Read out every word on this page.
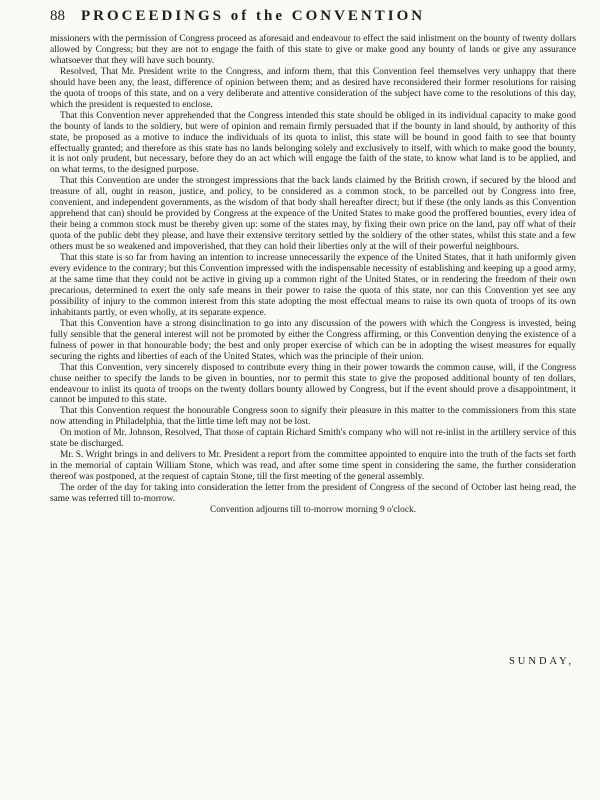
88 PROCEEDINGS of the CONVENTION

missioners with the permission of Congress proceed as aforesaid and endeavour to effect the said inlistment on the bounty of twenty dollars allowed by Congress; but they are not to engage the faith of this state to give or make good any bounty of lands or give any assurance whatsoever that they will have such bounty.

Resolved, That Mr. President write to the Congress, and inform them, that this Convention feel themselves very unhappy that there should have been any, the least, difference of opinion between them; and as desired have reconsidered their former resolutions for raising the quota of troops of this state, and on a very deliberate and attentive consideration of the subject have come to the resolutions of this day, which the president is requested to enclose.

That this Convention never apprehended that the Congress intended this state should be obliged in its individual capacity to make good the bounty of lands to the soldiery, but were of opinion and remain firmly persuaded that if the bounty in land should, by authority of this state, be proposed as a motive to induce the individuals of its quota to inlist, this state will be bound in good faith to see that bounty effectually granted; and therefore as this state has no lands belonging solely and exclusively to itself, with which to make good the bounty, it is not only prudent, but necessary, before they do an act which will engage the faith of the state, to know what land is to be applied, and on what terms, to the designed purpose.

That this Convention are under the strongest impressions that the back lands claimed by the British crown, if secured by the blood and treasure of all, ought in reason, justice, and policy, to be considered as a common stock, to be parcelled out by Congress into free, convenient, and independent governments, as the wisdom of that body shall hereafter direct; but if these (the only lands as this Convention apprehend that can) should be provided by Congress at the expence of the United States to make good the proffered bounties, every idea of their being a common stock must be thereby given up: some of the states may, by fixing their own price on the land, pay off what of their quota of the public debt they please, and have their extensive territory settled by the soldiery of the other states, whilst this state and a few others must be so weakened and impoverished, that they can hold their liberties only at the will of their powerful neighbours.

That this state is so far from having an intention to increase unnecessarily the expence of the United States, that it hath uniformly given every evidence to the contrary; but this Convention impressed with the indispensable necessity of establishing and keeping up a good army, at the same time that they could not be active in giving up a common right of the United States, or in rendering the freedom of their own precarious, determined to exert the only safe means in their power to raise the quota of this state, nor can this Convention yet see any possibility of injury to the common interest from this state adopting the most effectual means to raise its own quota of troops of its own inhabitants partly, or even wholly, at its separate expence.

That this Convention have a strong disinclination to go into any discussion of the powers with which the Congress is invested, being fully sensible that the general interest will not be promoted by either the Congress affirming, or this Convention denying the existence of a fulness of power in that honourable body; the best and only proper exercise of which can be in adopting the wisest measures for equally securing the rights and liberties of each of the United States, which was the principle of their union.

That this Convention, very sincerely disposed to contribute every thing in their power towards the common cause, will, if the Congress chuse neither to specify the lands to be given in bounties, nor to permit this state to give the proposed additional bounty of ten dollars, endeavour to inlist its quota of troops on the twenty dollars bounty allowed by Congress, but if the event should prove a disappointment, it cannot be imputed to this state.

That this Convention request the honourable Congress soon to signify their pleasure in this matter to the commissioners from this state now attending in Philadelphia, that the little time left may not be lost.

On motion of Mr. Johnson, Resolved, That those of captain Richard Smith's company who will not re-inlist in the artillery service of this state be discharged.

Mr. S. Wright brings in and delivers to Mr. President a report from the committee appointed to enquire into the truth of the facts set forth in the memorial of captain William Stone, which was read, and after some time spent in considering the same, the further consideration thereof was postponed, at the request of captain Stone, till the first meeting of the general assembly.

The order of the day for taking into consideration the letter from the president of Congress of the second of October last being read, the same was referred till to-morrow.

Convention adjourns till to-morrow morning 9 o'clock.

SUNDAY,
